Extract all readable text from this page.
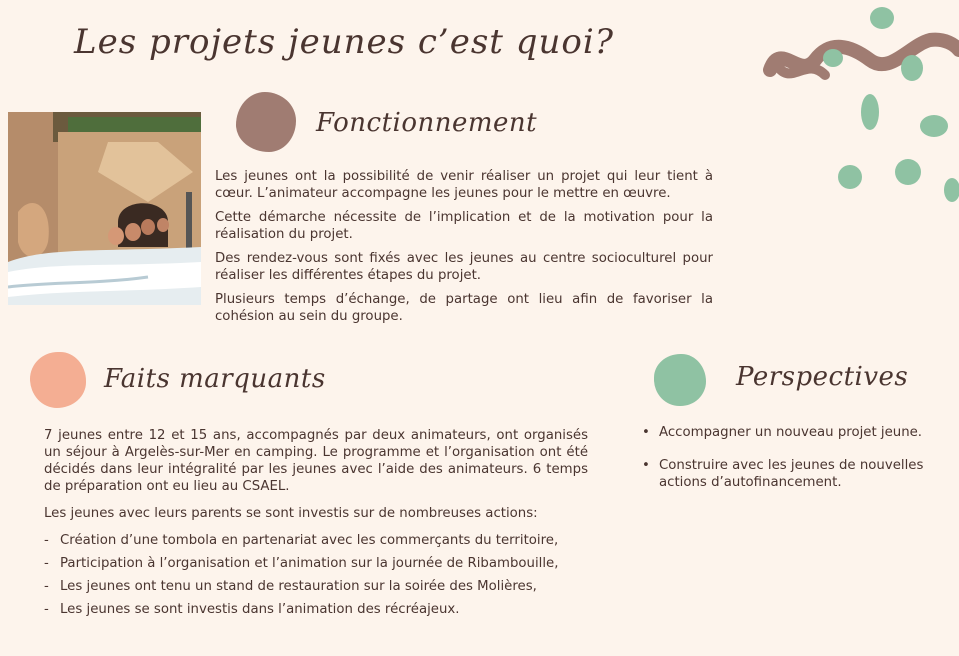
Les projets jeunes c’est quoi?
Fonctionnement

Les jeunes ont la possibilité de venir réaliser un projet qui leur tient à cœur. L’animateur accompagne les jeunes pour le mettre en œuvre.

Cette démarche nécessite de l’implication et de la motivation pour la réalisation du projet.

Des rendez-vous sont fixés avec les jeunes au centre socioculturel pour réaliser les différentes étapes du projet.

Plusieurs temps d’échange, de partage ont lieu afin de favoriser la cohésion au sein du groupe.

Faits marquants

7 jeunes entre 12 et 15 ans, accompagnés par deux animateurs, ont organisés un séjour à Argelès-sur-Mer en camping. Le programme et l’organisation ont été décidés dans leur intégralité par les jeunes avec l’aide des animateurs. 6 temps de préparation ont eu lieu au CSAEL.

Les jeunes avec leurs parents se sont investis sur de nombreuses actions:

- Création d’une tombola en partenariat avec les commerçants du territoire,
- Participation à l’organisation et l’animation sur la journée de Ribambouille,
- Les jeunes ont tenu un stand de restauration sur la soirée des Molières,
- Les jeunes se sont investis dans l’animation des récréajeux.
Perspectives
• Accompagner un nouveau projet jeune.
• Construire avec les jeunes de nouvelles actions d’autofinancement.
